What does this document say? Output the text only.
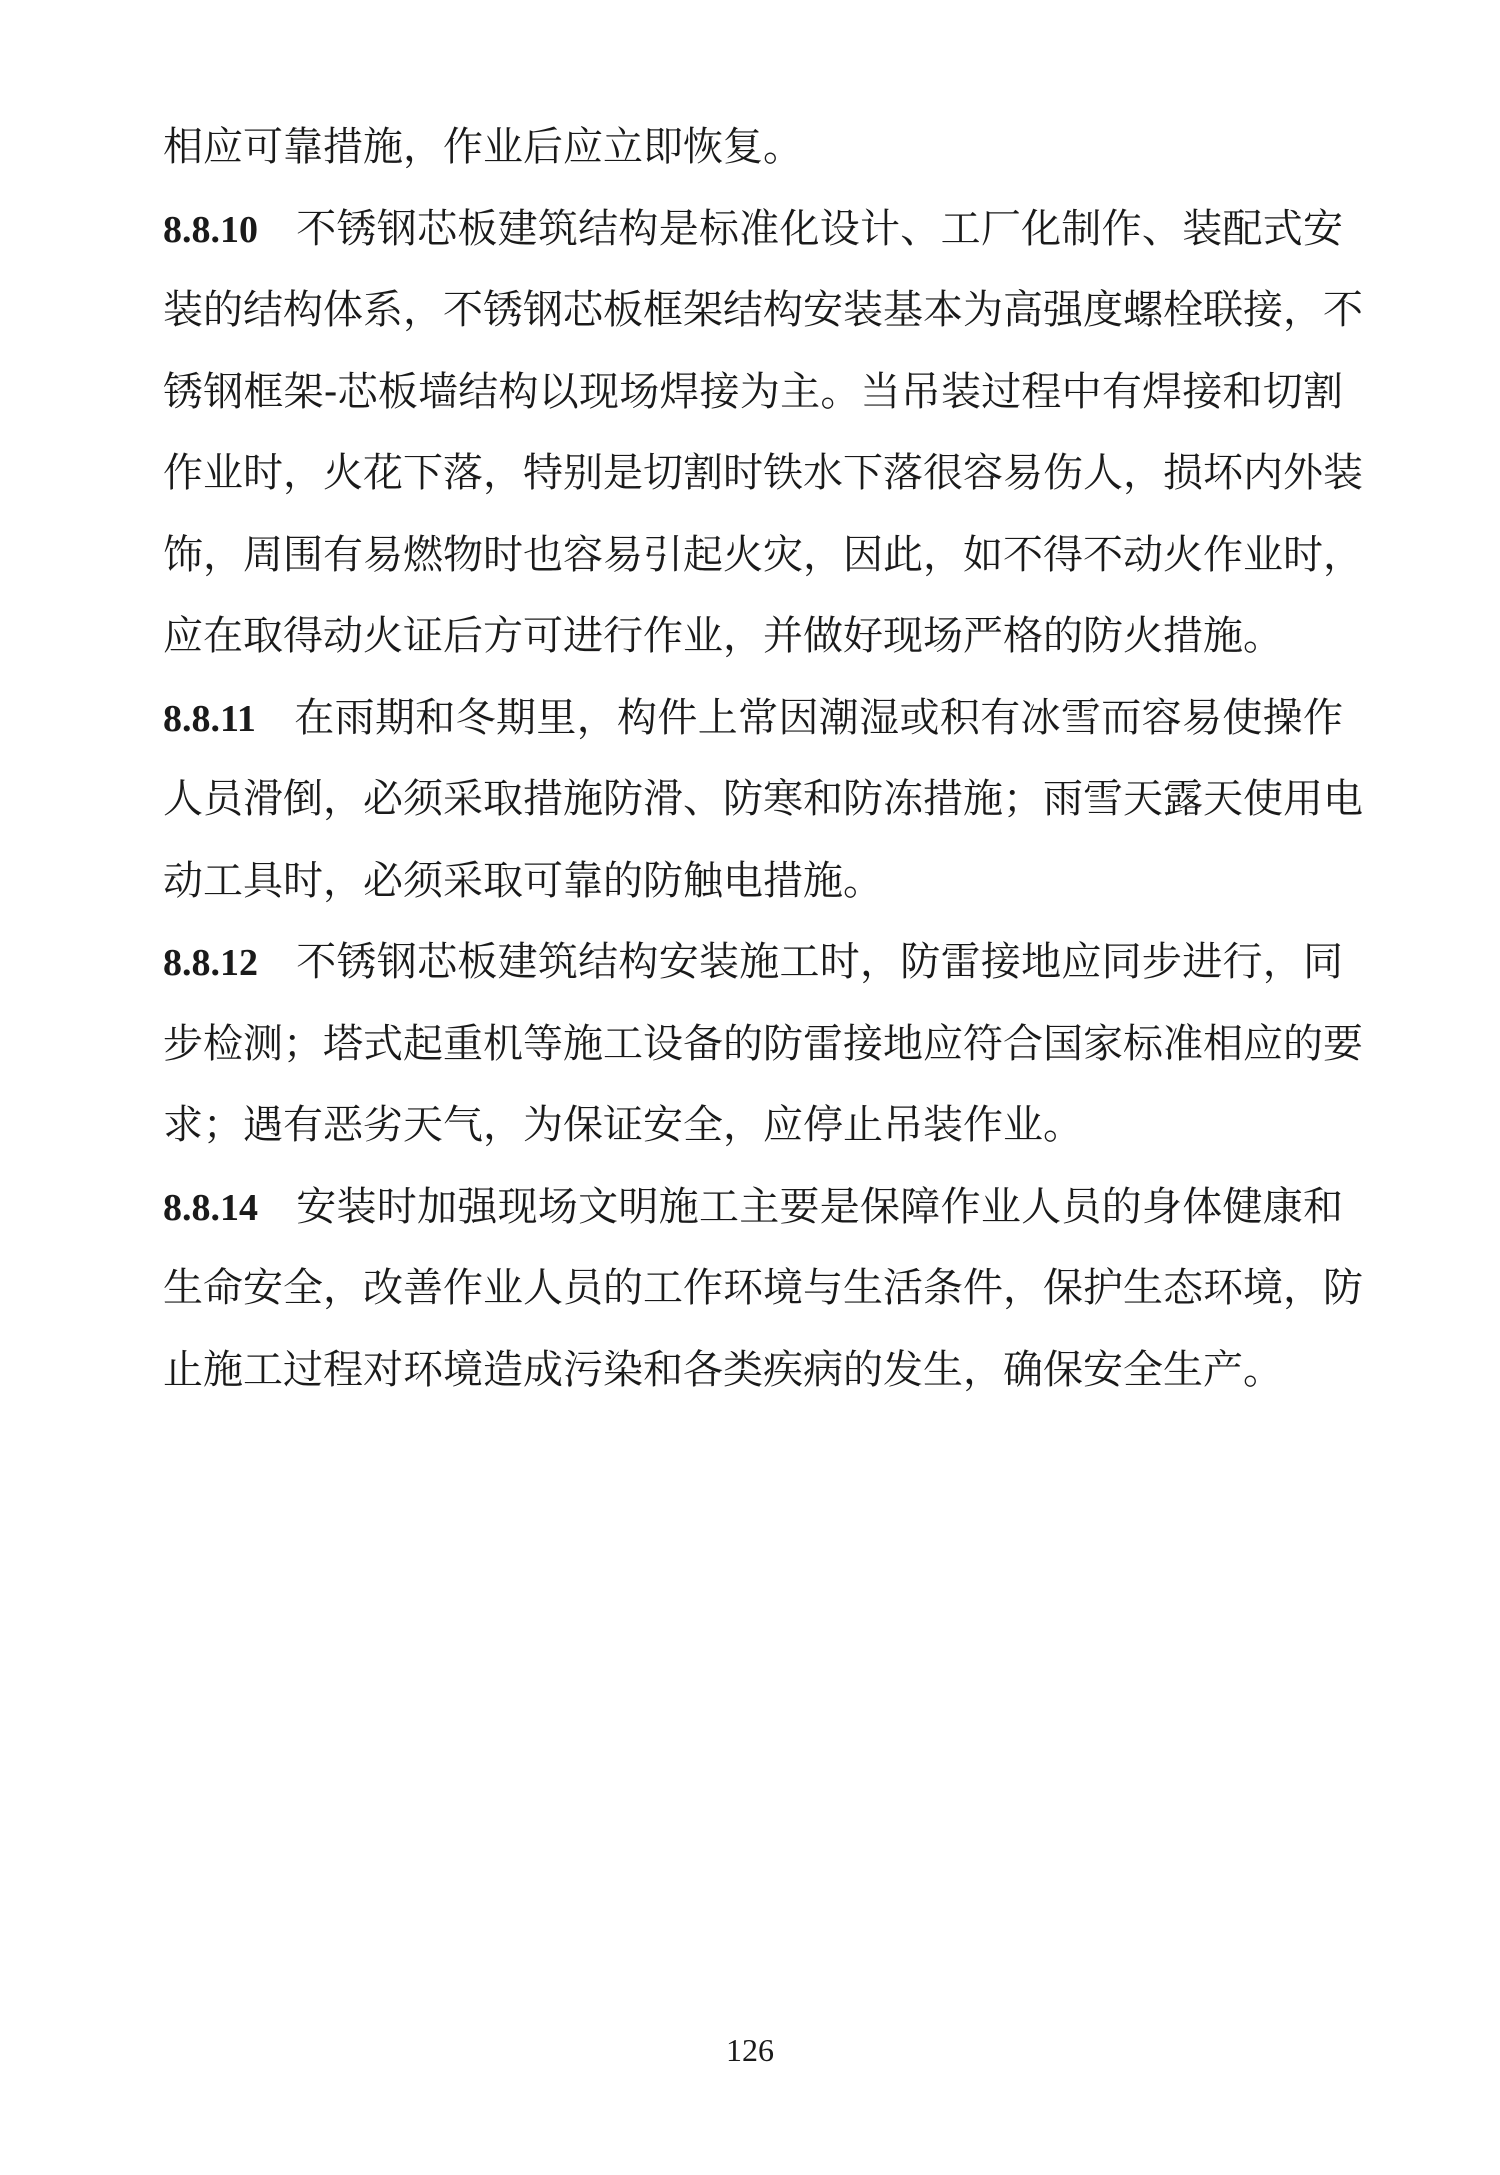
相应可靠措施，作业后应立即恢复。
8.8.10 不锈钢芯板建筑结构是标准化设计、工厂化制作、装配式安
装的结构体系，不锈钢芯板框架结构安装基本为高强度螺栓联接，不
锈钢框架-芯板墙结构以现场焊接为主。当吊装过程中有焊接和切割
作业时，火花下落，特别是切割时铁水下落很容易伤人，损坏内外装
饰，周围有易燃物时也容易引起火灾，因此，如不得不动火作业时，
应在取得动火证后方可进行作业，并做好现场严格的防火措施。
8.8.11 在雨期和冬期里，构件上常因潮湿或积有冰雪而容易使操作
人员滑倒，必须采取措施防滑、防寒和防冻措施；雨雪天露天使用电
动工具时，必须采取可靠的防触电措施。
8.8.12 不锈钢芯板建筑结构安装施工时，防雷接地应同步进行，同
步检测；塔式起重机等施工设备的防雷接地应符合国家标准相应的要
求；遇有恶劣天气，为保证安全，应停止吊装作业。
8.8.14 安装时加强现场文明施工主要是保障作业人员的身体健康和
生命安全，改善作业人员的工作环境与生活条件，保护生态环境，防
止施工过程对环境造成污染和各类疾病的发生，确保安全生产。
126
